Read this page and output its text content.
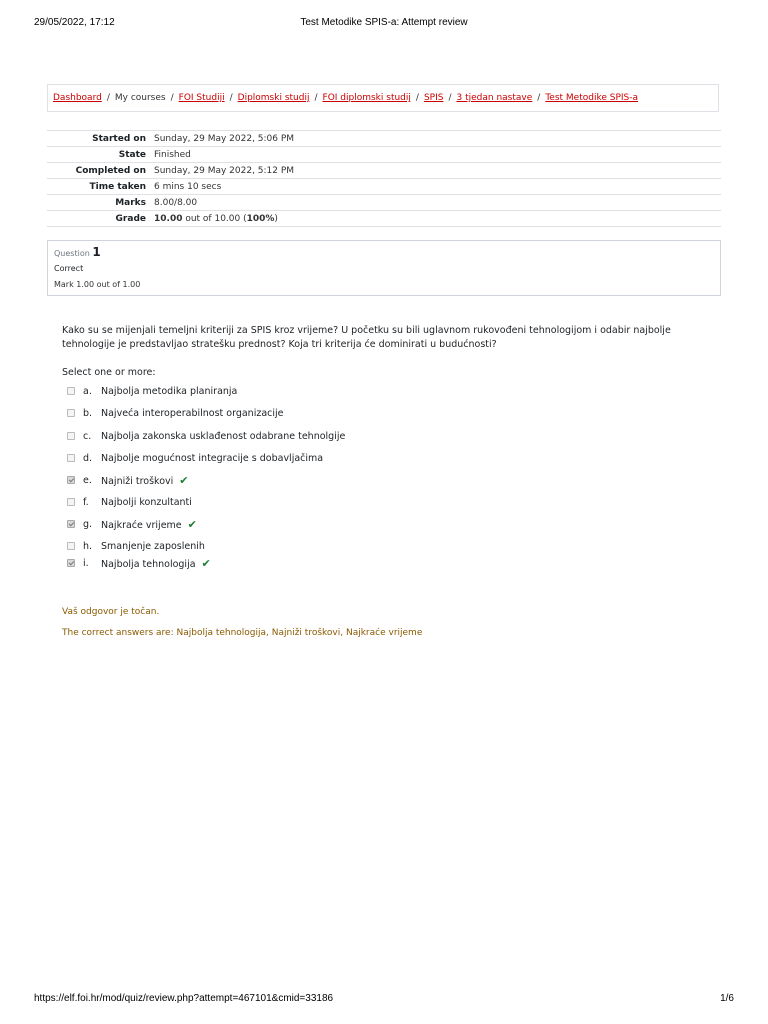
29/05/2022, 17:12	Test Metodike SPIS-a: Attempt review
Dashboard / My courses / FOI Studiji / Diplomski studij / FOI diplomski studij / SPIS / 3 tjedan nastave / Test Metodike SPIS-a
Started on	Sunday, 29 May 2022, 5:06 PM
State	Finished
Completed on	Sunday, 29 May 2022, 5:12 PM
Time taken	6 mins 10 secs
Marks	8.00/8.00
Grade	10.00 out of 10.00 (100%)
Question 1
Correct
Mark 1.00 out of 1.00
Kako su se mijenjali temeljni kriteriji za SPIS kroz vrijeme? U početku su bili uglavnom rukovođeni tehnologijom i odabir najbolje tehnologije je predstavljao stratešku prednost? Koja tri kriterija će dominirati u budućnosti?
Select one or more:
a. Najbolja metodika planiranja
b. Najveća interoperabilnost organizacije
c. Najbolja zakonska usklađenost odabrane tehnolgije
d. Najbolje mogućnost integracije s dobavljačima
e. Najniži troškovi ✔
f. Najbolji konzultanti
g. Najkraće vrijeme ✔
h. Smanjenje zaposlenih
i. Najbolja tehnologija ✔
Vaš odgovor je točan.
The correct answers are: Najbolja tehnologija, Najniži troškovi, Najkraće vrijeme
https://elf.foi.hr/mod/quiz/review.php?attempt=467101&cmid=33186	1/6
